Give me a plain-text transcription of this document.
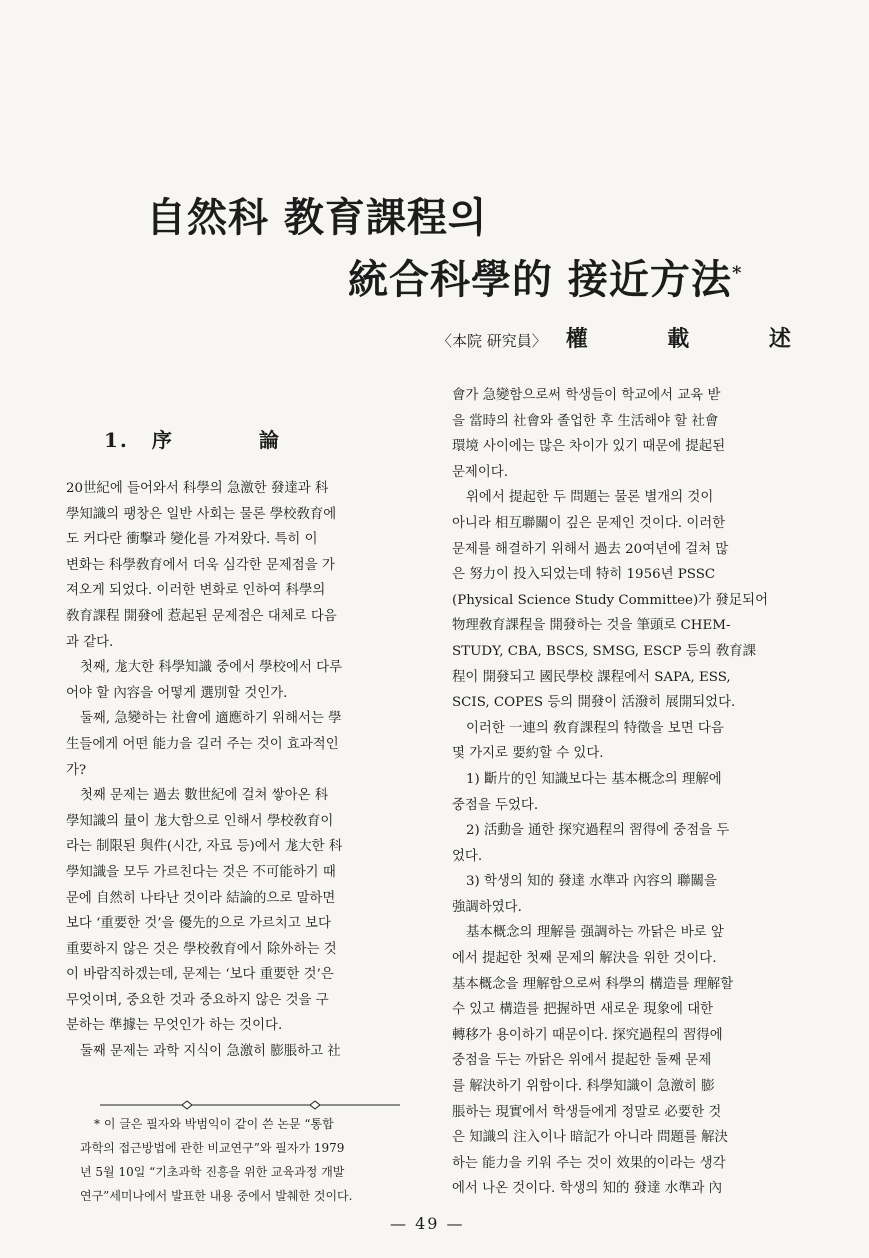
自然科 教育課程의
統合科學的 接近方法*
〈本院 研究員〉 權 載 述
20世紀에 들어와서 科學의 急激한 發達과 科
學知識의 팽창은 일반 사회는 물론 學校敎育에
도 커다란 衝擊과 變化를 가져왔다. 특히 이
변화는 科學敎育에서 더욱 심각한 문제점을 가
져오게 되었다. 이러한 변화로 인하여 科學의
敎育課程 開發에 惹起된 문제점은 대체로 다음
과 같다.
첫째, 尨大한 科學知識 중에서 學校에서 다루
어야 할 內容을 어떻게 選別할 것인가.
둘째, 急變하는 社會에 適應하기 위해서는 學
生들에게 어떤 能力을 길러 주는 것이 효과적인
가?
첫째 문제는 過去 數世紀에 걸쳐 쌓아온 科
學知識의 量이 尨大함으로 인해서 學校敎育이
라는 制限된 與件(시간, 자료 등)에서 尨大한 科
學知識을 모두 가르친다는 것은 不可能하기 때
문에 自然히 나타난 것이라 結論的으로 말하면
보다 ‘重要한 것’을 優先的으로 가르치고 보다
重要하지 않은 것은 學校敎育에서 除外하는 것
이 바람직하겠는데, 문제는 ‘보다 重要한 것’은
무엇이며, 중요한 것과 중요하지 않은 것을 구
분하는 準據는 무엇인가 하는 것이다.
둘째 문제는 과학 지식이 急激히 膨脹하고 社
1. 序 論
會가 急變함으로써 학생들이 학교에서 교육 받
을 當時의 社會와 졸업한 후 生活해야 할 社會
環境 사이에는 많은 차이가 있기 때문에 提起된
문제이다.
위에서 提起한 두 問題는 물론 별개의 것이
아니라 相互聯關이 깊은 문제인 것이다. 이러한
문제를 해결하기 위해서 過去 20여년에 걸쳐 많
은 努力이 投入되었는데 特히 1956년 PSSC
(Physical Science Study Committee)가 發足되어
物理敎育課程을 開發하는 것을 筆頭로 CHEM-
STUDY, CBA, BSCS, SMSG, ESCP 등의 敎育課
程이 開發되고 國民學校 課程에서 SAPA, ESS,
SCIS, COPES 등의 開發이 活潑히 展開되었다.
이러한 一連의 敎育課程의 特徵을 보면 다음
몇 가지로 要約할 수 있다.
1) 斷片的인 知識보다는 基本概念의 理解에
중점을 두었다.
2) 活動을 通한 探究過程의 習得에 중점을 두
었다.
3) 학생의 知的 發達 水準과 內容의 聯關을
強調하였다.
基本概念의 理解를 强調하는 까닭은 바로 앞
에서 提起한 첫째 문제의 解決을 위한 것이다.
基本概念을 理解함으로써 科學의 構造를 理解할
수 있고 構造를 把握하면 새로운 現象에 대한
轉移가 용이하기 때문이다. 探究過程의 習得에
중점을 두는 까닭은 위에서 提起한 둘째 문제
를 解決하기 위함이다. 科學知識이 急激히 膨
脹하는 現實에서 학생들에게 정말로 必要한 것
은 知識의 注入이나 暗記가 아니라 問題를 解決
하는 能力을 키워 주는 것이 效果的이라는 생각
에서 나온 것이다. 학생의 知的 發達 水準과 內
* 이 글은 필자와 박범익이 같이 쓴 논문 “통합
과학의 접근방법에 관한 비교연구”와 필자가 1979
년 5월 10일 “기초과학 진흥을 위한 교육과정 개발
연구”세미나에서 발표한 내용 중에서 발췌한 것이다.
— 49 —
